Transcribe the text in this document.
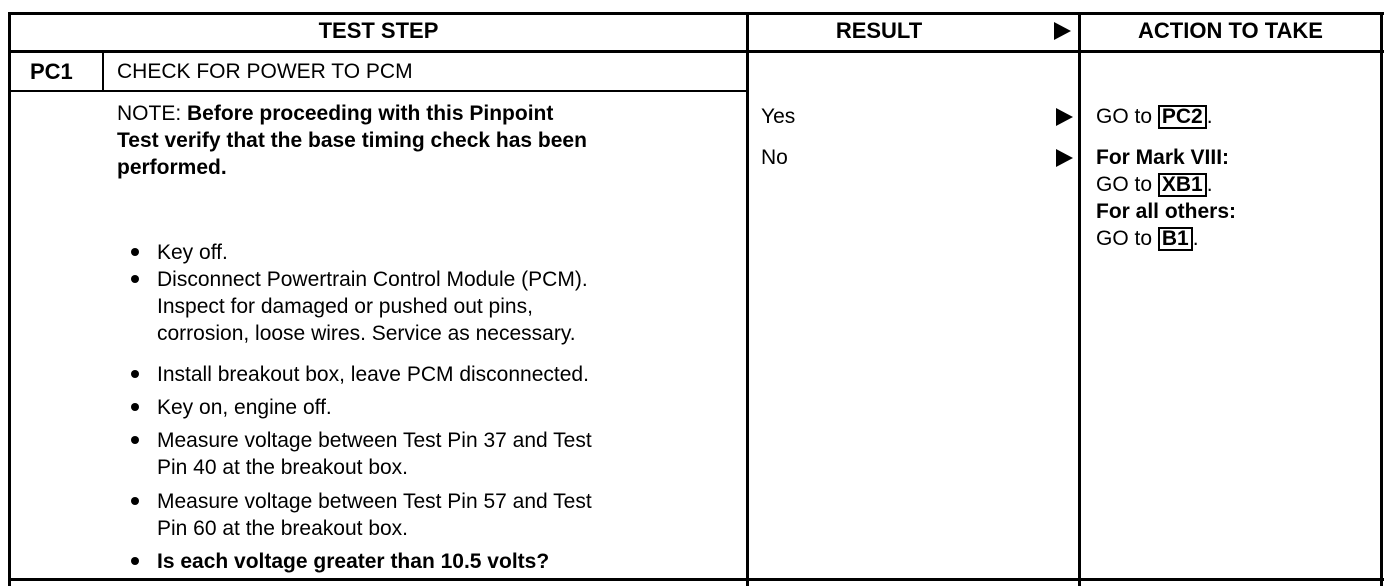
TEST STEP	RESULT	ACTION TO TAKE
PC1 CHECK FOR POWER TO PCM
NOTE: Before proceeding with this Pinpoint
Test verify that the base timing check has been
performed.
Key off.
Disconnect Powertrain Control Module (PCM).
Inspect for damaged or pushed out pins,
corrosion, loose wires. Service as necessary.
Install breakout box, leave PCM disconnected.
Key on, engine off.
Measure voltage between Test Pin 37 and Test
Pin 40 at the breakout box.
Measure voltage between Test Pin 57 and Test
Pin 60 at the breakout box.
Is each voltage greater than 10.5 volts?
Yes
No
GO to PC2 .
For Mark VIII:
GO to XB1 .
For all others:
GO to B1 .
